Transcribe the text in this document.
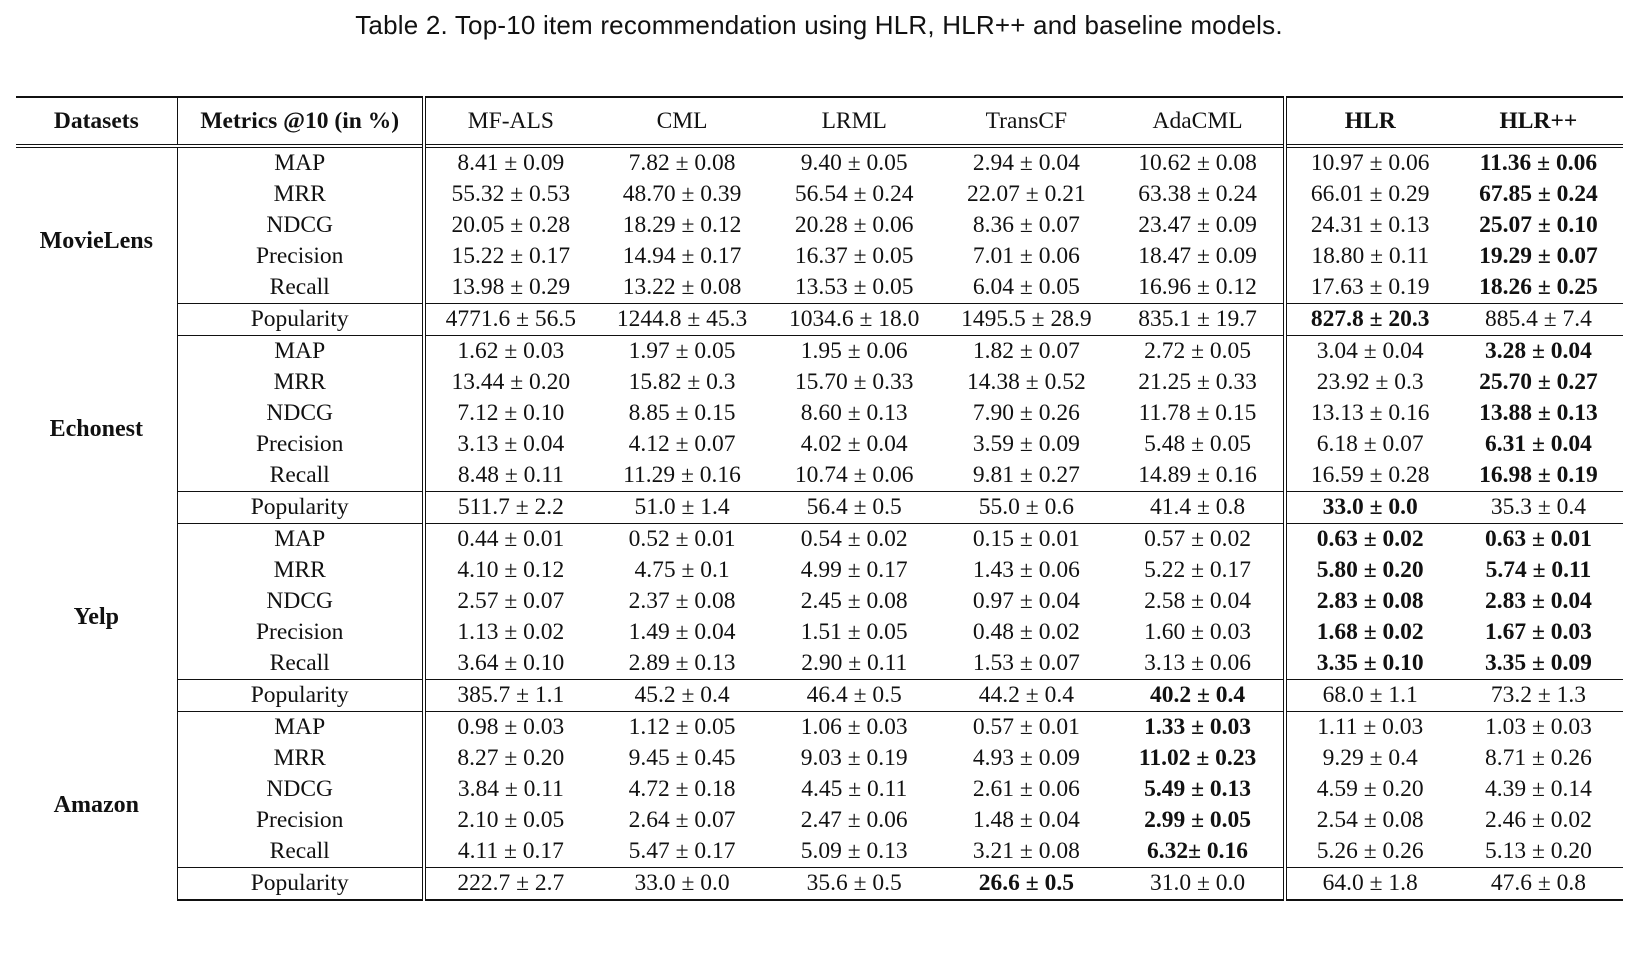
Table 2. Top-10 item recommendation using HLR, HLR++ and baseline models.
Datasets	Metrics @10 (in %)	MF-ALS	CML	LRML	TransCF	AdaCML	HLR	HLR++
MovieLens	MAP	8.41 ± 0.09	7.82 ± 0.08	9.40 ± 0.05	2.94 ± 0.04	10.62 ± 0.08	10.97 ± 0.06	11.36 ± 0.06
	MRR	55.32 ± 0.53	48.70 ± 0.39	56.54 ± 0.24	22.07 ± 0.21	63.38 ± 0.24	66.01 ± 0.29	67.85 ± 0.24
	NDCG	20.05 ± 0.28	18.29 ± 0.12	20.28 ± 0.06	8.36 ± 0.07	23.47 ± 0.09	24.31 ± 0.13	25.07 ± 0.10
	Precision	15.22 ± 0.17	14.94 ± 0.17	16.37 ± 0.05	7.01 ± 0.06	18.47 ± 0.09	18.80 ± 0.11	19.29 ± 0.07
	Recall	13.98 ± 0.29	13.22 ± 0.08	13.53 ± 0.05	6.04 ± 0.05	16.96 ± 0.12	17.63 ± 0.19	18.26 ± 0.25
	Popularity	4771.6 ± 56.5	1244.8 ± 45.3	1034.6 ± 18.0	1495.5 ± 28.9	835.1 ± 19.7	827.8 ± 20.3	885.4 ± 7.4
Echonest	MAP	1.62 ± 0.03	1.97 ± 0.05	1.95 ± 0.06	1.82 ± 0.07	2.72 ± 0.05	3.04 ± 0.04	3.28 ± 0.04
	MRR	13.44 ± 0.20	15.82 ± 0.3	15.70 ± 0.33	14.38 ± 0.52	21.25 ± 0.33	23.92 ± 0.3	25.70 ± 0.27
	NDCG	7.12 ± 0.10	8.85 ± 0.15	8.60 ± 0.13	7.90 ± 0.26	11.78 ± 0.15	13.13 ± 0.16	13.88 ± 0.13
	Precision	3.13 ± 0.04	4.12 ± 0.07	4.02 ± 0.04	3.59 ± 0.09	5.48 ± 0.05	6.18 ± 0.07	6.31 ± 0.04
	Recall	8.48 ± 0.11	11.29 ± 0.16	10.74 ± 0.06	9.81 ± 0.27	14.89 ± 0.16	16.59 ± 0.28	16.98 ± 0.19
	Popularity	511.7 ± 2.2	51.0 ± 1.4	56.4 ± 0.5	55.0 ± 0.6	41.4 ± 0.8	33.0 ± 0.0	35.3 ± 0.4
Yelp	MAP	0.44 ± 0.01	0.52 ± 0.01	0.54 ± 0.02	0.15 ± 0.01	0.57 ± 0.02	0.63 ± 0.02	0.63 ± 0.01
	MRR	4.10 ± 0.12	4.75 ± 0.1	4.99 ± 0.17	1.43 ± 0.06	5.22 ± 0.17	5.80 ± 0.20	5.74 ± 0.11
	NDCG	2.57 ± 0.07	2.37 ± 0.08	2.45 ± 0.08	0.97 ± 0.04	2.58 ± 0.04	2.83 ± 0.08	2.83 ± 0.04
	Precision	1.13 ± 0.02	1.49 ± 0.04	1.51 ± 0.05	0.48 ± 0.02	1.60 ± 0.03	1.68 ± 0.02	1.67 ± 0.03
	Recall	3.64 ± 0.10	2.89 ± 0.13	2.90 ± 0.11	1.53 ± 0.07	3.13 ± 0.06	3.35 ± 0.10	3.35 ± 0.09
	Popularity	385.7 ± 1.1	45.2 ± 0.4	46.4 ± 0.5	44.2 ± 0.4	40.2 ± 0.4	68.0 ± 1.1	73.2 ± 1.3
Amazon	MAP	0.98 ± 0.03	1.12 ± 0.05	1.06 ± 0.03	0.57 ± 0.01	1.33 ± 0.03	1.11 ± 0.03	1.03 ± 0.03
	MRR	8.27 ± 0.20	9.45 ± 0.45	9.03 ± 0.19	4.93 ± 0.09	11.02 ± 0.23	9.29 ± 0.4	8.71 ± 0.26
	NDCG	3.84 ± 0.11	4.72 ± 0.18	4.45 ± 0.11	2.61 ± 0.06	5.49 ± 0.13	4.59 ± 0.20	4.39 ± 0.14
	Precision	2.10 ± 0.05	2.64 ± 0.07	2.47 ± 0.06	1.48 ± 0.04	2.99 ± 0.05	2.54 ± 0.08	2.46 ± 0.02
	Recall	4.11 ± 0.17	5.47 ± 0.17	5.09 ± 0.13	3.21 ± 0.08	6.32± 0.16	5.26 ± 0.26	5.13 ± 0.20
	Popularity	222.7 ± 2.7	33.0 ± 0.0	35.6 ± 0.5	26.6 ± 0.5	31.0 ± 0.0	64.0 ± 1.8	47.6 ± 0.8
